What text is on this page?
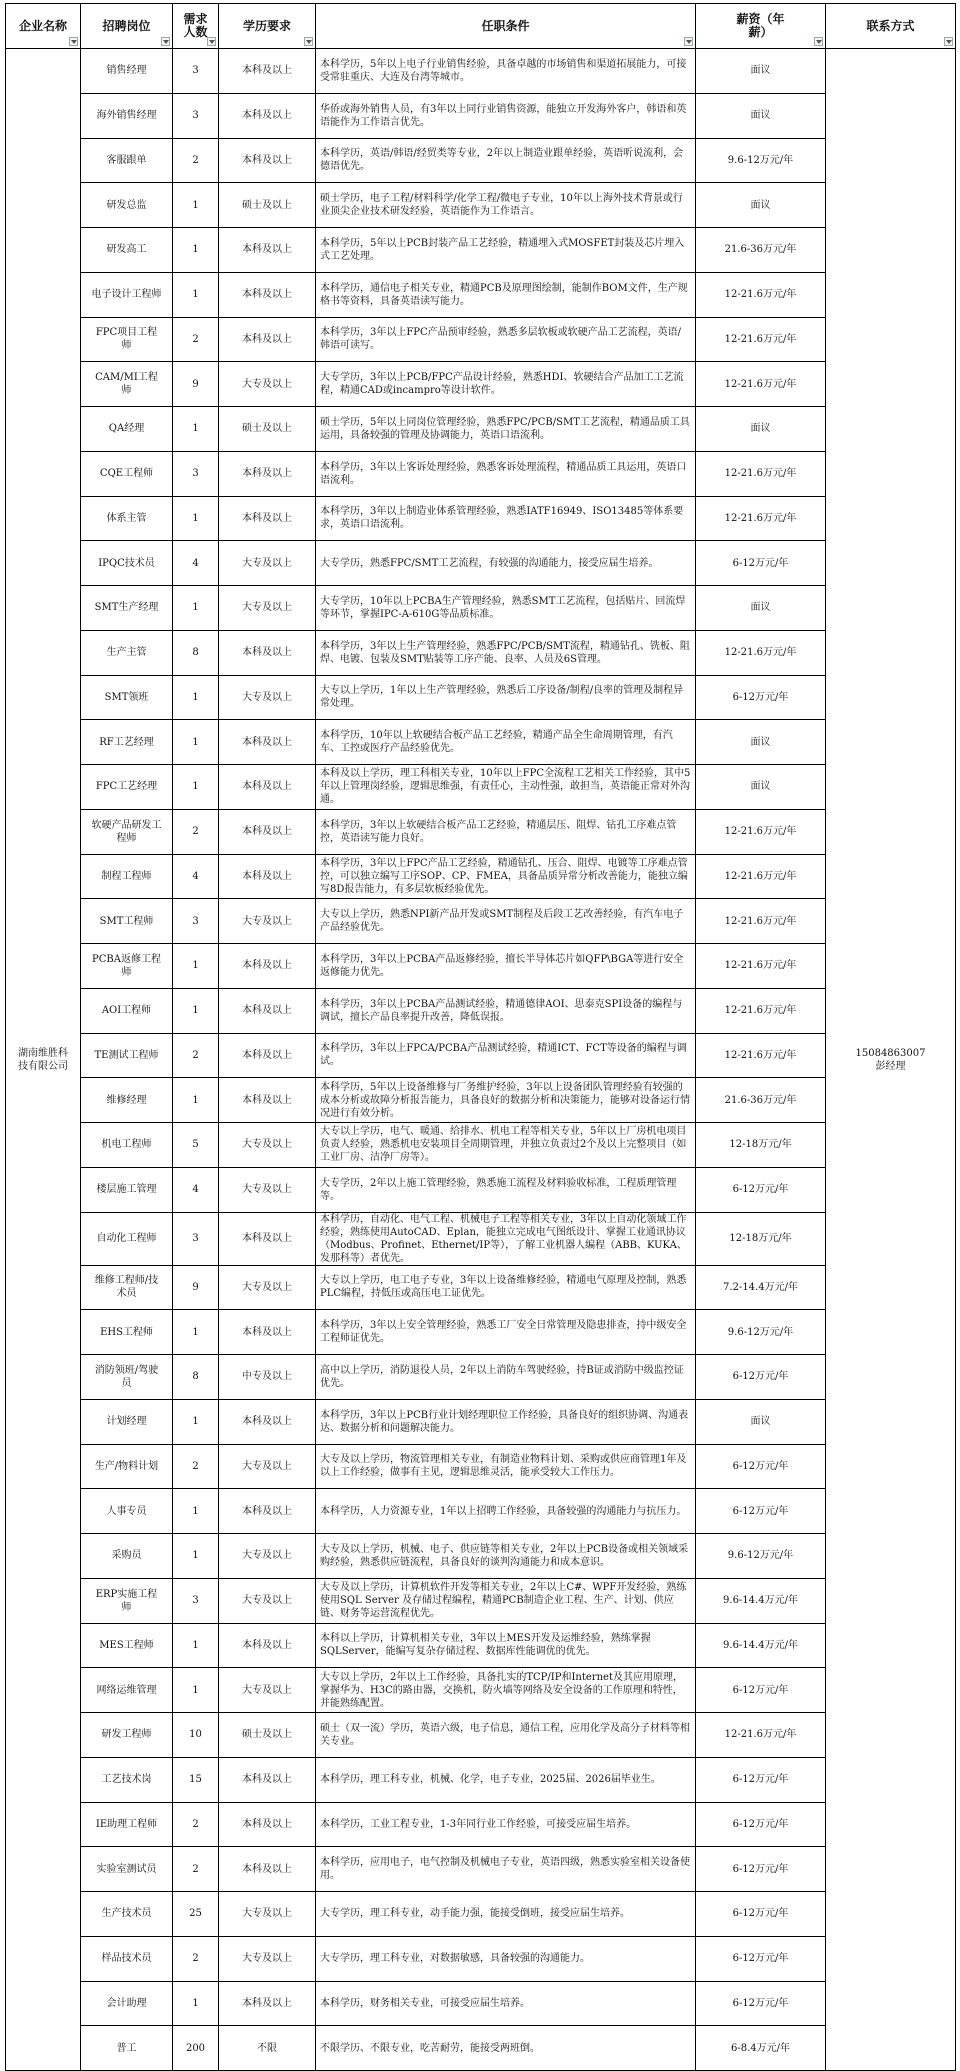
企业名称	招聘岗位	需求人数	学历要求	任职条件	薪资（年薪）	联系方式

湖南维胜科技有限公司	销售经理	3	本科及以上	本科学历，5年以上电子行业销售经验，具备卓越的市场销售和渠道拓展能力，可接受常驻重庆、大连及台湾等城市。	面议	15084863007
彭经理

	海外销售经理	3	本科及以上	华侨或海外销售人员，有3年以上同行业销售资源，能独立开发海外客户，韩语和英语能作为工作语言优先。	面议	

	客服跟单	2	本科及以上	本科学历，英语/韩语/经贸类等专业，2年以上制造业跟单经验，英语听说流利，会德语优先。	9.6-12万元/年	

	研发总监	1	硕士及以上	硕士学历，电子工程/材料科学/化学工程/微电子专业，10年以上海外技术背景或行业顶尖企业技术研发经验，英语能作为工作语言。	面议	

	研发高工	1	本科及以上	本科学历，5年以上PCB封装产品工艺经验，精通埋入式MOSFET封装及芯片埋入式工艺处理。	21.6-36万元/年	

	电子设计工程师	1	本科及以上	本科学历，通信电子相关专业，精通PCB及原理图绘制，能制作BOM文件，生产规格书等资料，具备英语读写能力。	12-21.6万元/年	

	FPC项目工程师	2	本科及以上	本科学历，3年以上FPC产品预审经验，熟悉多层软板或软硬产品工艺流程，英语/韩语可读写。	12-21.6万元/年	

	CAM/MI工程师	9	大专及以上	大专学历，3年以上PCB/FPC产品设计经验，熟悉HDI、软硬结合产品加工工艺流程，精通CAD或incampro等设计软件。	12-21.6万元/年	

	QA经理	1	硕士及以上	硕士学历，5年以上同岗位管理经验，熟悉FPC/PCB/SMT工艺流程，精通品质工具运用，具备较强的管理及协调能力，英语口语流利。	面议	

	CQE工程师	3	本科及以上	本科学历，3年以上客诉处理经验，熟悉客诉处理流程，精通品质工具运用，英语口语流利。	12-21.6万元/年	

	体系主管	1	本科及以上	本科学历，3年以上制造业体系管理经验，熟悉IATF16949、ISO13485等体系要求，英语口语流利。	12-21.6万元/年	

	IPQC技术员	4	大专及以上	大专学历，熟悉FPC/SMT工艺流程，有较强的沟通能力，接受应届生培养。	6-12万元/年	

	SMT生产经理	1	大专及以上	大专学历，10年以上PCBA生产管理经验，熟悉SMT工艺流程，包括贴片、回流焊等环节，掌握IPC-A-610G等品质标准。	面议	

	生产主管	8	本科及以上	本科学历，3年以上生产管理经验，熟悉FPC/PCB/SMT流程，精通钻孔、铣板、阻焊、电镀、包装及SMT贴装等工序产能、良率、人员及6S管理。	12-21.6万元/年	

	SMT领班	1	大专及以上	大专以上学历，1年以上生产管理经验，熟悉后工序设备/制程/良率的管理及制程异常处理。	6-12万元/年	

	RF工艺经理	1	本科及以上	本科学历，10年以上软硬结合板产品工艺经验，精通产品全生命周期管理，有汽车、工控或医疗产品经验优先。	面议	

	FPC工艺经理	1	本科及以上	本科及以上学历，理工科相关专业，10年以上FPC全流程工艺相关工作经验，其中5年以上管理岗经验，逻辑思维强，有责任心，主动性强，敢担当，英语能正常对外沟通。	面议	

	软硬产品研发工程师	2	本科及以上	本科学历，3年以上软硬结合板产品工艺经验，精通层压、阻焊、钻孔工序难点管控，英语读写能力良好。	12-21.6万元/年	

	制程工程师	4	本科及以上	本科学历，3年以上FPC产品工艺经验，精通钻孔、压合、阻焊、电镀等工序难点管控，可以独立编写工序SOP、CP、FMEA，具备品质异常分析改善能力，能独立编写8D报告能力，有多层软板经验优先。	12-21.6万元/年	

	SMT工程师	3	大专及以上	大专以上学历，熟悉NPI新产品开发或SMT制程及后段工艺改善经验，有汽车电子产品经验优先。	12-21.6万元/年	

	PCBA返修工程师	1	本科及以上	本科学历，3年以上PCBA产品返修经验，擅长半导体芯片如QFP\BGA等进行安全返修能力优先。	12-21.6万元/年	

	AOI工程师	1	本科及以上	本科学历，3年以上PCBA产品测试经验，精通德律AOI、思泰克SPI设备的编程与调试，擅长产品良率提升改善，降低误报。	12-21.6万元/年	

	TE测试工程师	2	本科及以上	本科学历，3年以上FPCA/PCBA产品测试经验，精通ICT、FCT等设备的编程与调试。	12-21.6万元/年	

	维修经理	1	本科及以上	本科学历，5年以上设备维修与厂务维护经验，3年以上设备团队管理经验有较强的成本分析或故障分析报告能力，具备良好的数据分析和决策能力，能够对设备运行情况进行有效分析。	21.6-36万元/年	

	机电工程师	5	大专及以上	大专以上学历，电气、暖通、给排水、机电工程等相关专业，5年以上厂房机电项目负责人经验，熟悉机电安装项目全周期管理，并独立负责过2个及以上完整项目（如工业厂房、洁净厂房等）。	12-18万元/年	

	楼层施工管理	4	大专及以上	大专学历，2年以上施工管理经验，熟悉施工流程及材料验收标准，工程质理管理等。	6-12万元/年	

	自动化工程师	3	本科及以上	本科学历，自动化、电气工程、机械电子工程等相关专业，3年以上自动化领域工作经验，熟练使用AutoCAD、Eplan，能独立完成电气图纸设计、掌握工业通讯协议（Modbus、Profinet、Ethernet/IP等），了解工业机器人编程（ABB、KUKA、发那科等）者优先。	12-18万元/年	

	维修工程师/技术员	9	大专及以上	大专以上学历，电工电子专业，3年以上设备维修经验，精通电气原理及控制，熟悉PLC编程，持低压或高压电工证优先。	7.2-14.4万元/年	

	EHS工程师	1	本科及以上	本科学历，3年以上安全管理经验，熟悉工厂安全日常管理及隐患排查，持中级安全工程师证优先。	9.6-12万元/年	

	消防领班/驾驶员	8	中专及以上	高中以上学历，消防退役人员，2年以上消防车驾驶经验，持B证或消防中级监控证优先。	6-12万元/年	

	计划经理	1	本科及以上	本科学历，3年以上PCB行业计划经理职位工作经验，具备良好的组织协调、沟通表达、数据分析和问题解决能力。	面议	

	生产/物料计划	2	大专及以上	大专及以上学历，物流管理相关专业，有制造业物料计划、采购或供应商管理1年及以上工作经验，做事有主见，逻辑思维灵活，能承受较大工作压力。	6-12万元/年	

	人事专员	1	本科及以上	本科学历，人力资源专业，1年以上招聘工作经验，具备较强的沟通能力与抗压力。	6-12万元/年	

	采购员	1	大专及以上	大专及以上学历，机械、电子、供应链等相关专业，2年以上PCB设备或相关领域采购经验，熟悉供应链流程，具备良好的谈判沟通能力和成本意识。	9.6-12万元/年	

	ERP实施工程师	3	大专及以上	大专及以上学历，计算机软件开发等相关专业，2年以上C#、WPF开发经验，熟练使用SQL Server 及存储过程编程，精通PCB制造企业工程、生产、计划、供应链、财务等运营流程优先。	9.6-14.4万元/年	

	MES工程师	1	本科及以上	本科以上学历，计算机相关专业，3年以上MES开发及运维经验，熟练掌握SQLServer，能编写复杂存储过程、数据库性能调优的优先。	9.6-14.4万元/年	

	网络运维管理	1	大专及以上	大专以上学历，2年以上工作经验，具备扎实的TCP/IP和Internet及其应用原理，掌握华为、H3C的路由器，交换机，防火墙等网络及安全设备的工作原理和特性，并能熟练配置。	6-12万元/年	

	研发工程师	10	硕士及以上	硕士（双一流）学历，英语六级，电子信息，通信工程，应用化学及高分子材料等相关专业。	12-21.6万元/年	

	工艺技术岗	15	本科及以上	本科学历，理工科专业，机械、化学，电子专业，2025届、2026届毕业生。	6-12万元/年	

	IE助理工程师	2	本科及以上	本科学历，工业工程专业，1-3年同行业工作经验，可接受应届生培养。	6-12万元/年	

	实验室测试员	2	本科及以上	本科学历，应用电子，电气控制及机械电子专业，英语四级，熟悉实验室相关设备使用。	6-12万元/年	

	生产技术员	25	大专及以上	大专学历，理工科专业，动手能力强，能接受倒班，接受应届生培养。	6-12万元/年	

	样品技术员	2	大专及以上	大专学历，理工科专业，对数据敏感，具备较强的沟通能力。	6-12万元/年	

	会计助理	1	本科及以上	本科学历，财务相关专业，可接受应届生培养。	6-12万元/年	

	普工	200	不限	不限学历、不限专业，吃苦耐劳，能接受两班倒。	6-8.4万元/年	
